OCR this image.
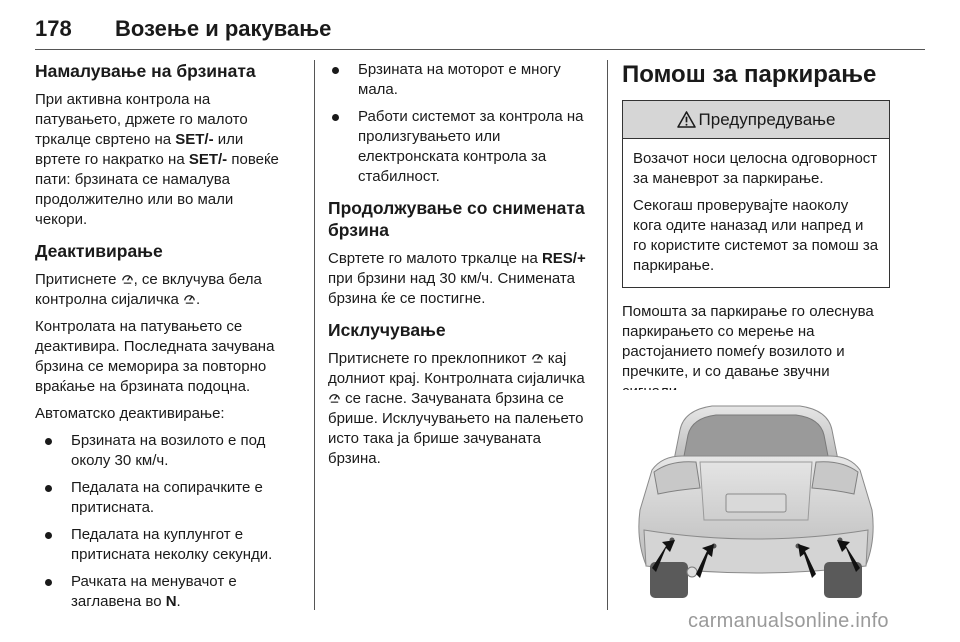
178 Возење и ракување
Намалување на брзината

При активна контрола на
патувањето, држете го малото
тркалце свртено на SET/- или
вртете го накратко на SET/- повеќе
пати: брзината се намалува
продолжително или во мали
чекори.

Деактивирање

Притиснете , се вклучува бела
контролна сијаличка .

Контролата на патувањето се деактивира. Последната зачувана брзина се меморира за повторно враќање на брзината подоцна.

Автоматско деактивирање:

Брзината на возилото е под околу 30 км/ч.
Педалата на сопирачките е притисната.
Педалата на куплунгот е притисната неколку секунди.
Рачката на менувачот е заглавена во N.
Брзината на моторот е многу мала.
Работи системот за контрола на пролизгувањето или електронската контрола за стабилност.
Продолжување со снимената брзина

Свртете го малото тркалце на RES/+ при брзини над 30 км/ч. Снимената брзина ќе се постигне.

Исклучување

Притиснете го преклопникот  кај долниот крај. Контролната сијаличка  се гасне. Зачуваната брзина се брише. Исклучувањето на палењето исто така ја брише зачуваната брзина.

Помош за паркирање
Предупредување

Возачот носи целосна одговорност за маневрот за паркирање.

Секогаш проверувајте наоколу кога одите наназад или напред и го користите системот за помош за паркирање.

Помошта за паркирање го олеснува паркирањето со мерење на растојанието помеѓу возилото и пречките, и со давање звучни

carmanualsonline.info
